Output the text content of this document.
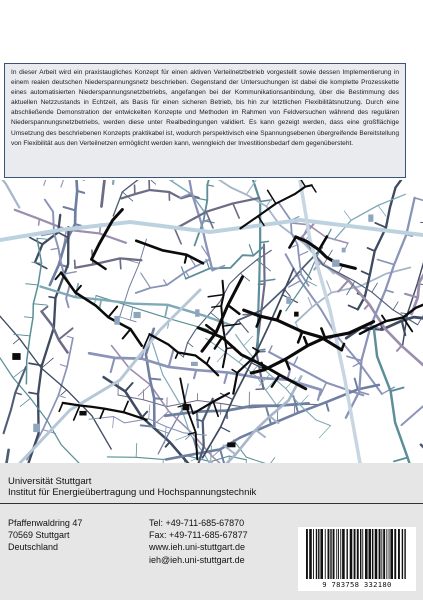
In dieser Arbeit wird ein praxistaugliches Konzept für einen aktiven Verteilnetzbetrieb vorgestellt sowie dessen Implementierung in einem realen deutschen Niederspannungsnetz beschrieben. Gegenstand der Untersuchungen ist dabei die komplette Prozesskette eines automatisierten Niederspannungsnetzbetriebs, angefangen bei der Kommunikationsanbindung, über die Bestimmung des aktuellen Netzzustands in Echtzeit, als Basis für einen sicheren Betrieb, bis hin zur letztlichen Flexibilitätsnutzung. Durch eine abschließende Demonstration der entwickelten Konzepte und Methoden im Rahmen von Feldversuchen während des regulären Niederspannungsnetzbetriebs, werden diese unter Realbedingungen validiert. Es kann gezeigt werden, dass eine großflächige Umsetzung des beschriebenen Konzepts praktikabel ist, wodurch perspektivisch eine Spannungsebenen übergreifende Bereitstellung von Flexibilität aus den Verteilnetzen ermöglicht werden kann, wenngleich der Investitionsbedarf dem gegenübersteht.
Universität Stuttgart
Institut für Energieübertragung und Hochspannungstechnik
Pfaffenwaldring 47
70569 Stuttgart
Deutschland
Tel: +49-711-685-67870
Fax: +49-711-685-67877
www.ieh.uni-stuttgart.de
ieh@ieh.uni-stuttgart.de
9 783758 332180
